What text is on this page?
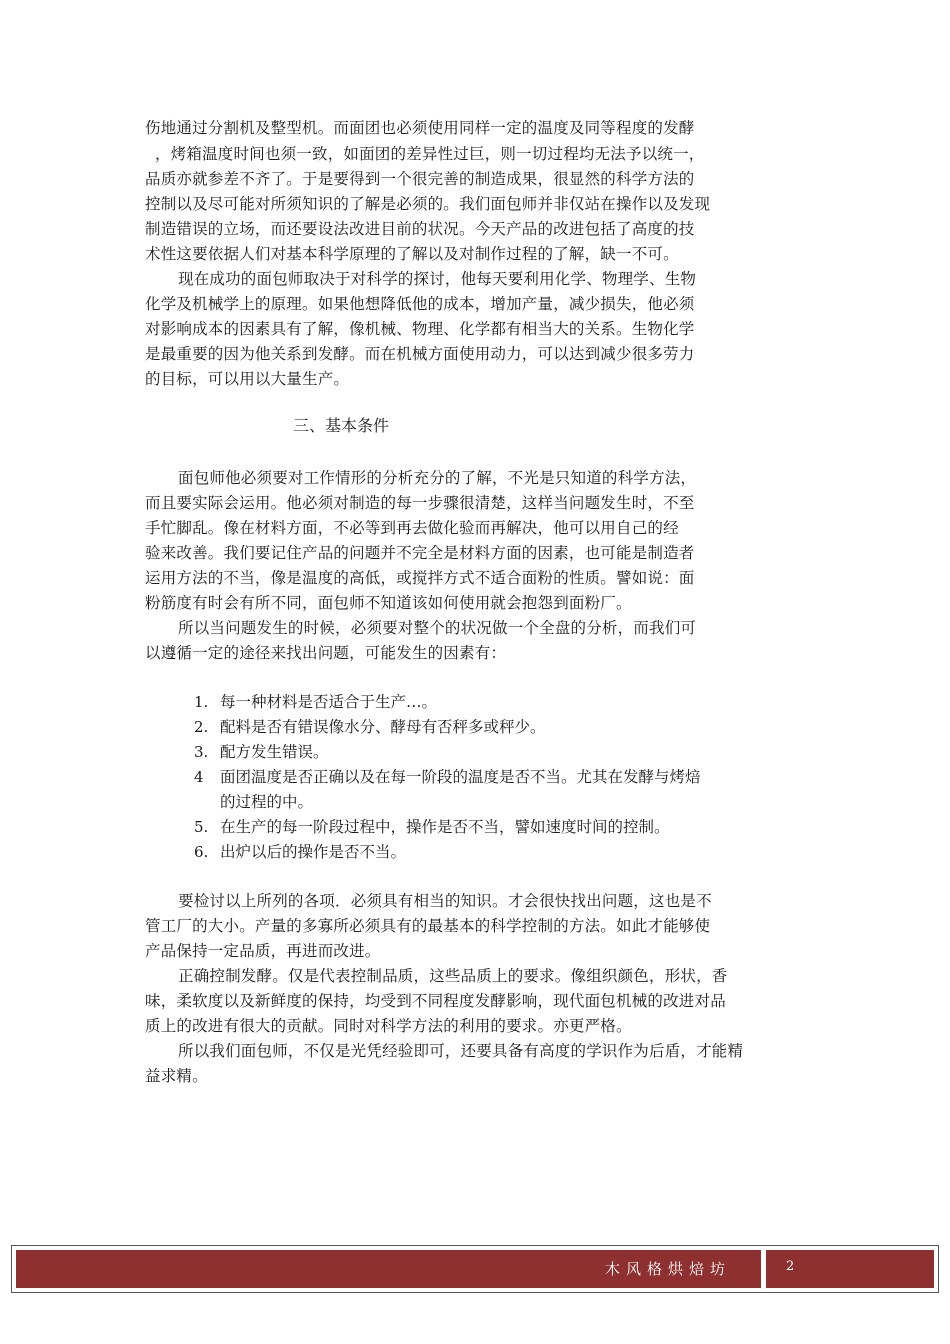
伤地通过分割机及整型机。而面团也必须使用同样一定的温度及同等程度的发酵
，烤箱温度时间也须一致，如面团的差异性过巨，则一切过程均无法予以统一，
品质亦就参差不齐了。于是要得到一个很完善的制造成果，很显然的科学方法的
控制以及尽可能对所须知识的了解是必须的。我们面包师并非仅站在操作以及发现
制造错误的立场，而还要设法改进目前的状况。今天产品的改进包括了高度的技
术性这要依据人们对基本科学原理的了解以及对制作过程的了解，缺一不可。
现在成功的面包师取决于对科学的探讨，他每天要利用化学、物理学、生物
化学及机械学上的原理。如果他想降低他的成本，增加产量，减少损失，他必须
对影响成本的因素具有了解，像机械、物理、化学都有相当大的关系。生物化学
是最重要的因为他关系到发酵。而在机械方面使用动力，可以达到减少很多劳力
的目标，可以用以大量生产。
三、基本条件
面包师他必须要对工作情形的分析充分的了解，不光是只知道的科学方法，
而且要实际会运用。他必须对制造的每一步骤很清楚，这样当问题发生时，不至
手忙脚乱。像在材料方面，不必等到再去做化验而再解决，他可以用自己的经
验来改善。我们要记住产品的问题并不完全是材料方面的因素，也可能是制造者
运用方法的不当，像是温度的高低，或搅拌方式不适合面粉的性质。譬如说：面
粉筋度有时会有所不同，面包师不知道该如何使用就会抱怨到面粉厂。
所以当问题发生的时候，必须要对整个的状况做一个全盘的分析，而我们可
以遵循一定的途径来找出问题，可能发生的因素有：
1. 每一种材料是否适合于生产…。
2. 配料是否有错误像水分、酵母有否秤多或秤少。
3. 配方发生错误。
4 面团温度是否正确以及在每一阶段的温度是否不当。尤其在发酵与烤焙
的过程的中。
5. 在生产的每一阶段过程中，操作是否不当，譬如速度时间的控制。
6. 出炉以后的操作是否不当。
要检讨以上所列的各项．必须具有相当的知识。才会很快找出问题，这也是不
管工厂的大小。产量的多寡所必须具有的最基本的科学控制的方法。如此才能够使
产品保持一定品质，再进而改进。
正确控制发酵。仅是代表控制品质，这些品质上的要求。像组织颜色，形状，香
味，柔软度以及新鲜度的保持，均受到不同程度发酵影响，现代面包机械的改进对品
质上的改进有很大的贡献。同时对科学方法的利用的要求。亦更严格。
所以我们面包师，不仅是光凭经验即可，还要具备有高度的学识作为后盾，才能精
益求精。
木风格烘焙坊	2
